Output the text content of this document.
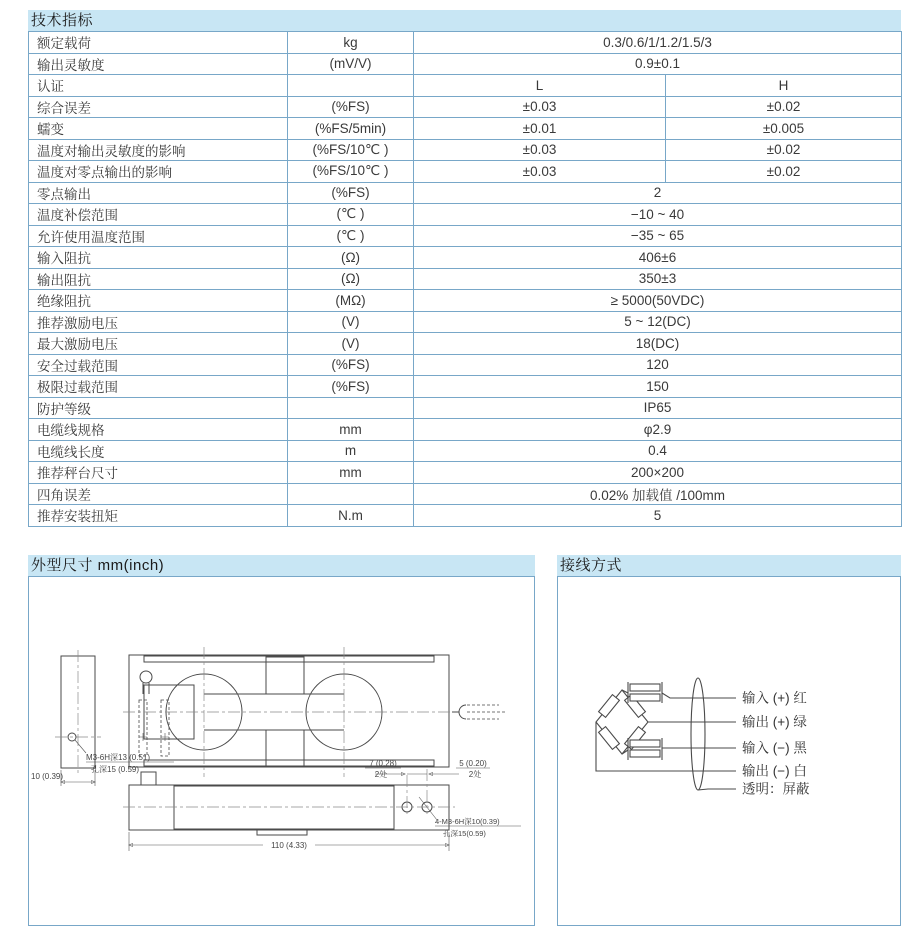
技术指标
额定载荷	kg	0.3/0.6/1/1.2/1.5/3	
输出灵敏度	(mV/V)	0.9±0.1	
认证		L	H
综合误差	(%FS)	±0.03	±0.02
蠕变	(%FS/5min)	±0.01	±0.005
温度对输出灵敏度的影响	(%FS/10℃ )	±0.03	±0.02
温度对零点输出的影响	(%FS/10℃ )	±0.03	±0.02
零点输出	(%FS)	2	
温度补偿范围	(℃ )	−10 ~ 40	
允许使用温度范围	(℃ )	−35 ~ 65	
输入阻抗	(Ω)	406±6	
输出阻抗	(Ω)	350±3	
绝缘阻抗	(MΩ)	≥ 5000(50VDC)	
推荐激励电压	(V)	5 ~ 12(DC)	
最大激励电压	(V)	18(DC)	
安全过载范围	(%FS)	120	
极限过载范围	(%FS)	150	
防护等级		IP65	
电缆线规格	mm	φ2.9	
电缆线长度	m	0.4	
推荐秤台尺寸	mm	200×200	
四角误差		0.02% 加载值 /100mm	
推荐安装扭矩	N.m	5	
外型尺寸 mm(inch)
M3-6H深13 (0.51)
孔深15 (0.59)
10 (0.39)
7 (0.28)
2处
5 (0.20)
2处
110 (4.33)
4-M3-6H深10(0.39)
孔深15(0.59)
接线方式
输入 (+) 红
输出 (+) 绿
输入 (−) 黑
输出 (−) 白
透明：屏蔽
